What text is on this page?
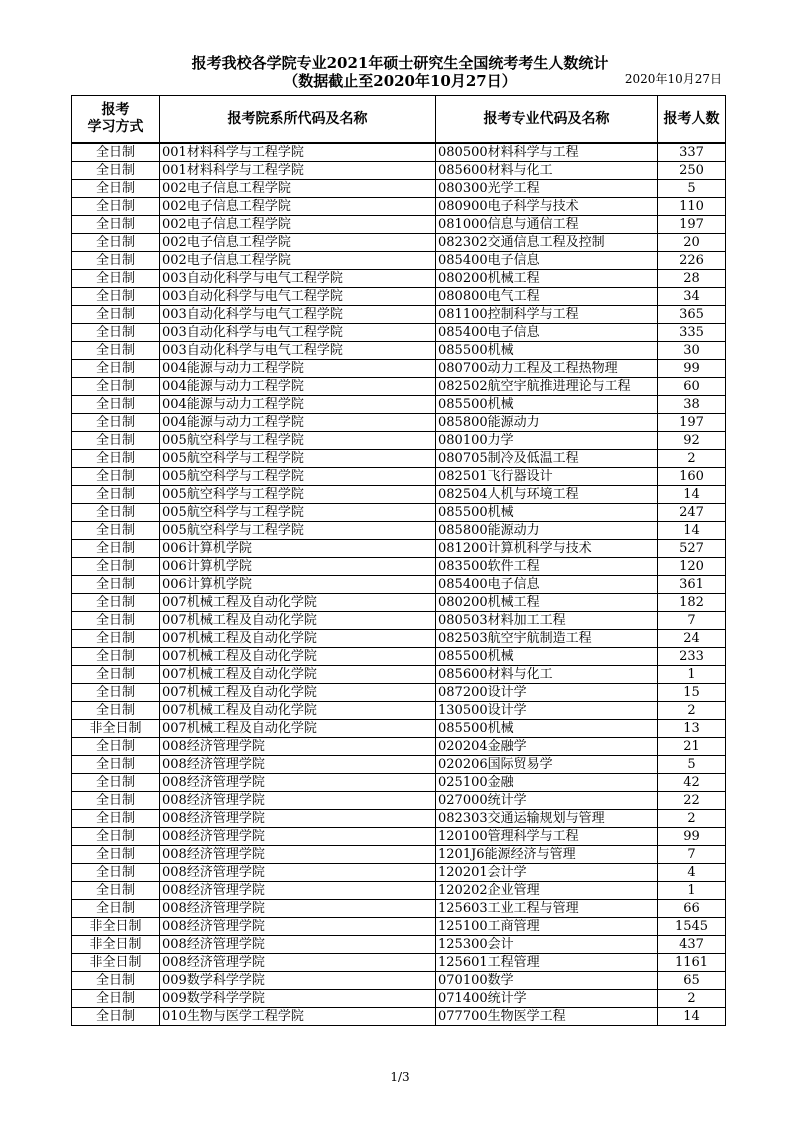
报考我校各学院专业2021年硕士研究生全国统考考生人数统计
（数据截止至2020年10月27日）	2020年10月27日
报考
学习方式	报考院系所代码及名称	报考专业代码及名称	报考人数
全日制	001材料科学与工程学院	080500材料科学与工程	337
全日制	001材料科学与工程学院	085600材料与化工	250
全日制	002电子信息工程学院	080300光学工程	5
全日制	002电子信息工程学院	080900电子科学与技术	110
全日制	002电子信息工程学院	081000信息与通信工程	197
全日制	002电子信息工程学院	082302交通信息工程及控制	20
全日制	002电子信息工程学院	085400电子信息	226
全日制	003自动化科学与电气工程学院	080200机械工程	28
全日制	003自动化科学与电气工程学院	080800电气工程	34
全日制	003自动化科学与电气工程学院	081100控制科学与工程	365
全日制	003自动化科学与电气工程学院	085400电子信息	335
全日制	003自动化科学与电气工程学院	085500机械	30
全日制	004能源与动力工程学院	080700动力工程及工程热物理	99
全日制	004能源与动力工程学院	082502航空宇航推进理论与工程	60
全日制	004能源与动力工程学院	085500机械	38
全日制	004能源与动力工程学院	085800能源动力	197
全日制	005航空科学与工程学院	080100力学	92
全日制	005航空科学与工程学院	080705制冷及低温工程	2
全日制	005航空科学与工程学院	082501飞行器设计	160
全日制	005航空科学与工程学院	082504人机与环境工程	14
全日制	005航空科学与工程学院	085500机械	247
全日制	005航空科学与工程学院	085800能源动力	14
全日制	006计算机学院	081200计算机科学与技术	527
全日制	006计算机学院	083500软件工程	120
全日制	006计算机学院	085400电子信息	361
全日制	007机械工程及自动化学院	080200机械工程	182
全日制	007机械工程及自动化学院	080503材料加工工程	7
全日制	007机械工程及自动化学院	082503航空宇航制造工程	24
全日制	007机械工程及自动化学院	085500机械	233
全日制	007机械工程及自动化学院	085600材料与化工	1
全日制	007机械工程及自动化学院	087200设计学	15
全日制	007机械工程及自动化学院	130500设计学	2
非全日制	007机械工程及自动化学院	085500机械	13
全日制	008经济管理学院	020204金融学	21
全日制	008经济管理学院	020206国际贸易学	5
全日制	008经济管理学院	025100金融	42
全日制	008经济管理学院	027000统计学	22
全日制	008经济管理学院	082303交通运输规划与管理	2
全日制	008经济管理学院	120100管理科学与工程	99
全日制	008经济管理学院	1201J6能源经济与管理	7
全日制	008经济管理学院	120201会计学	4
全日制	008经济管理学院	120202企业管理	1
全日制	008经济管理学院	125603工业工程与管理	66
非全日制	008经济管理学院	125100工商管理	1545
非全日制	008经济管理学院	125300会计	437
非全日制	008经济管理学院	125601工程管理	1161
全日制	009数学科学学院	070100数学	65
全日制	009数学科学学院	071400统计学	2
全日制	010生物与医学工程学院	077700生物医学工程	14
1/3
